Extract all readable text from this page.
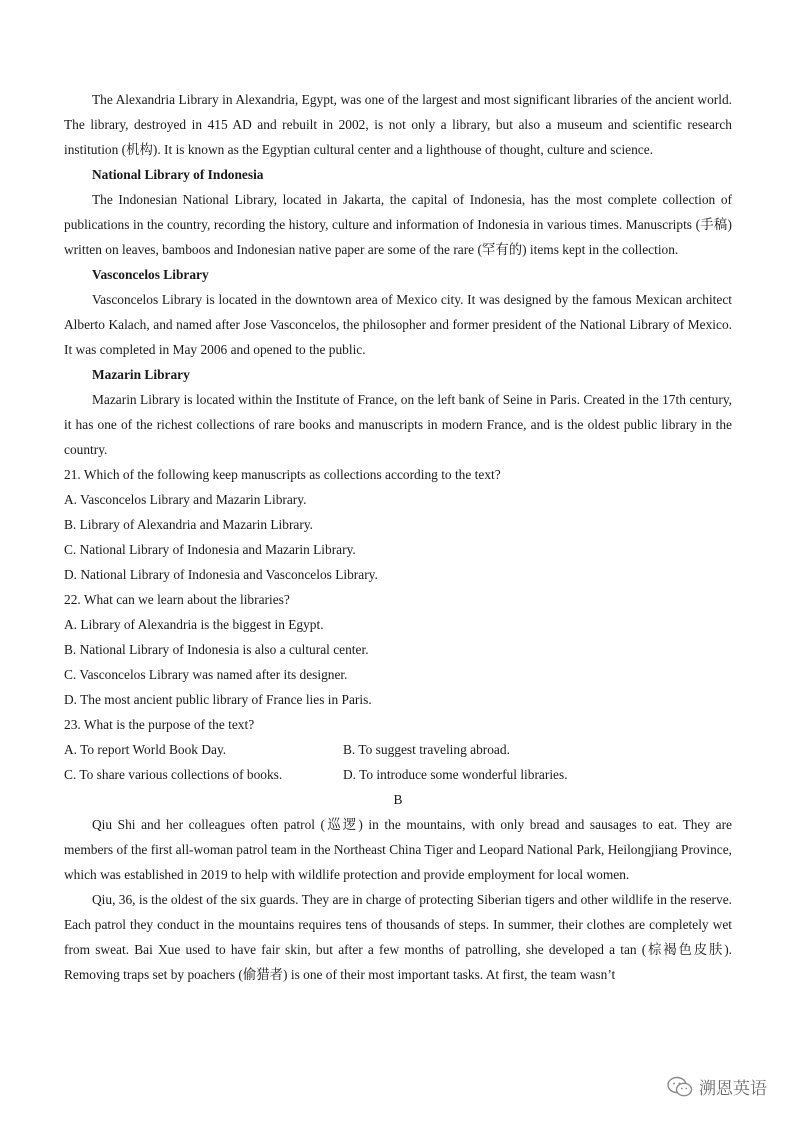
The Alexandria Library in Alexandria, Egypt, was one of the largest and most significant libraries of the ancient world. The library, destroyed in 415 AD and rebuilt in 2002, is not only a library, but also a museum and scientific research institution (机构). It is known as the Egyptian cultural center and a lighthouse of thought, culture and science.

National Library of Indonesia

The Indonesian National Library, located in Jakarta, the capital of Indonesia, has the most complete collection of publications in the country, recording the history, culture and information of Indonesia in various times. Manuscripts (手稿) written on leaves, bamboos and Indonesian native paper are some of the rare (罕有的) items kept in the collection.

Vasconcelos Library

Vasconcelos Library is located in the downtown area of Mexico city. It was designed by the famous Mexican architect Alberto Kalach, and named after Jose Vasconcelos, the philosopher and former president of the National Library of Mexico. It was completed in May 2006 and opened to the public.

Mazarin Library

Mazarin Library is located within the Institute of France, on the left bank of Seine in Paris. Created in the 17th century, it has one of the richest collections of rare books and manuscripts in modern France, and is the oldest public library in the country.

21. Which of the following keep manuscripts as collections according to the text?

A. Vasconcelos Library and Mazarin Library.

B. Library of Alexandria and Mazarin Library.

C. National Library of Indonesia and Mazarin Library.

D. National Library of Indonesia and Vasconcelos Library.

22. What can we learn about the libraries?

A. Library of Alexandria is the biggest in Egypt.

B. National Library of Indonesia is also a cultural center.

C. Vasconcelos Library was named after its designer.

D. The most ancient public library of France lies in Paris.

23. What is the purpose of the text?

A. To report World Book Day.	B. To suggest traveling abroad.
C. To share various collections of books.	D. To introduce some wonderful libraries.

B

Qiu Shi and her colleagues often patrol (巡逻) in the mountains, with only bread and sausages to eat. They are members of the first all-woman patrol team in the Northeast China Tiger and Leopard National Park, Heilongjiang Province, which was established in 2019 to help with wildlife protection and provide employment for local women.

Qiu, 36, is the oldest of the six guards. They are in charge of protecting Siberian tigers and other wildlife in the reserve. Each patrol they conduct in the mountains requires tens of thousands of steps. In summer, their clothes are completely wet from sweat. Bai Xue used to have fair skin, but after a few months of patrolling, she developed a tan (棕褐色皮肤). Removing traps set by poachers (偷猎者) is one of their most important tasks. At first, the team wasn’t

溯恩英语
